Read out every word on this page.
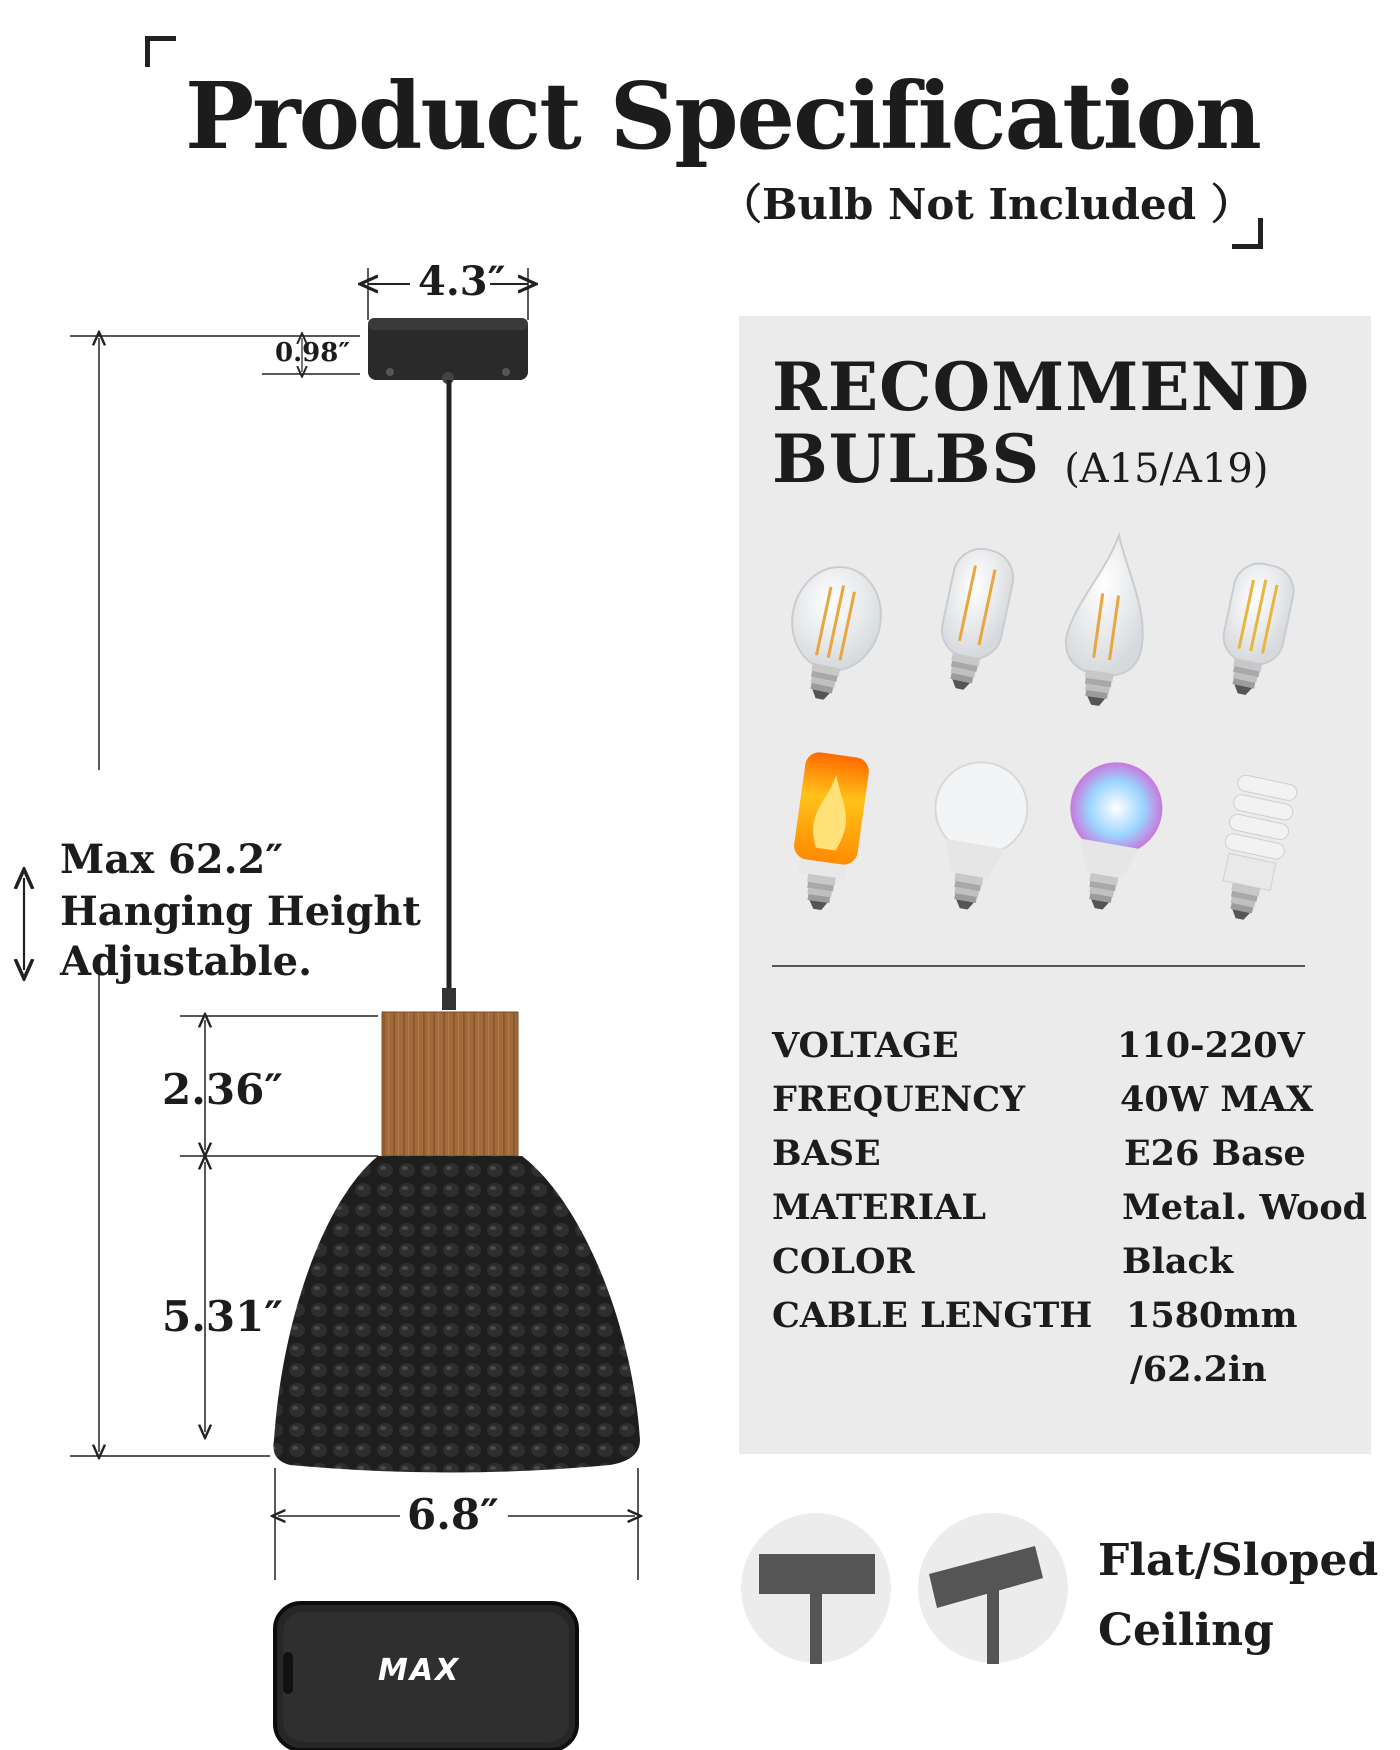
Product Specification
（Bulb Not Included ）
4.3″
0.98″
Max 62.2″
Hanging Height
Adjustable.
2.36″
5.31″
6.8″
MAX
RECOMMEND
BULBS (A15/A19)
VOLTAGE	110-220V
FREQUENCY	40W MAX
BASE	E26 Base
MATERIAL	Metal. Wood
COLOR	Black
CABLE LENGTH 1580mm
/62.2in
Flat/Sloped
Ceiling
